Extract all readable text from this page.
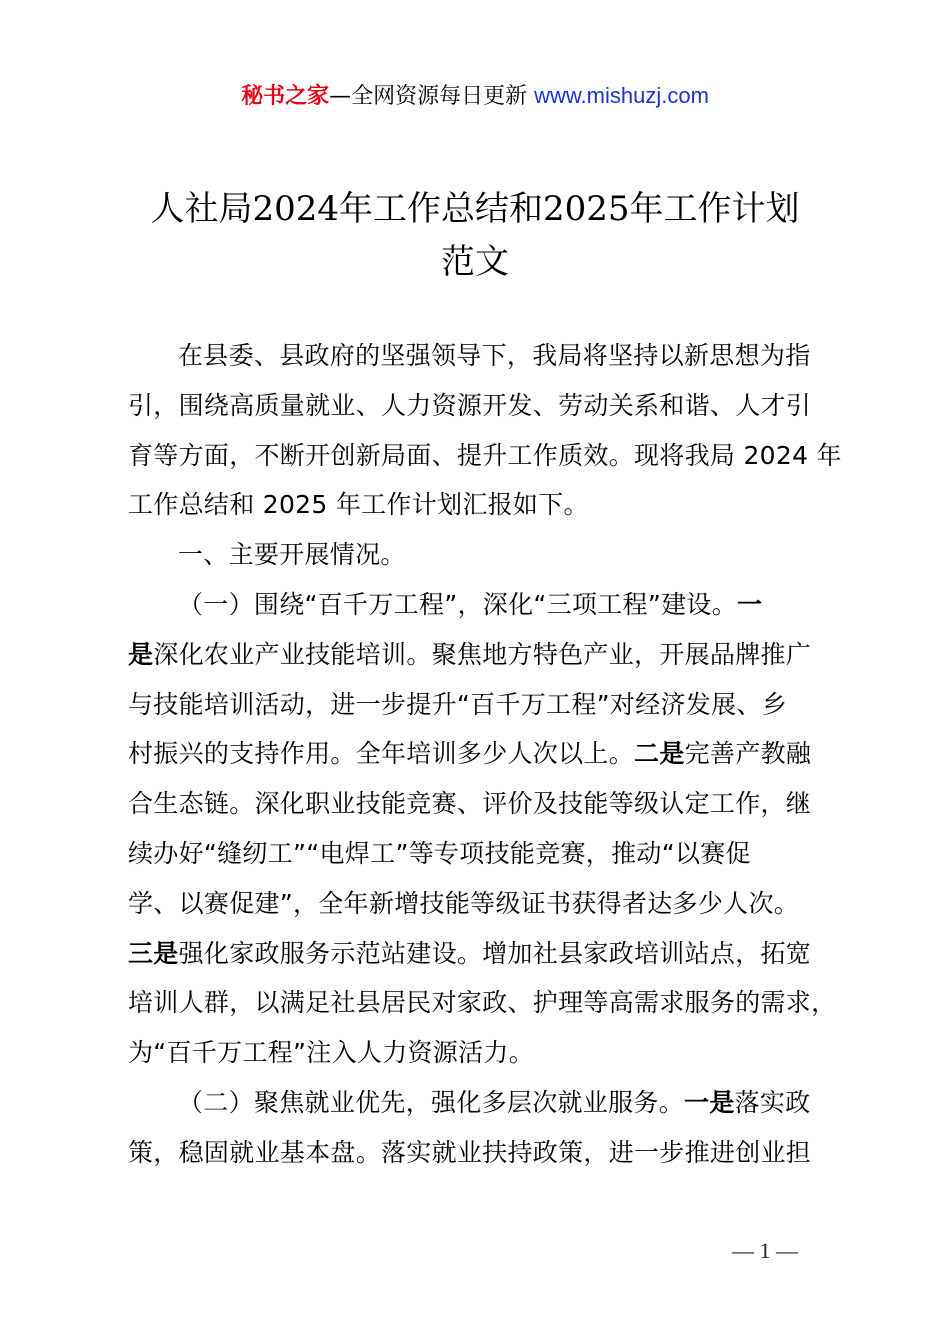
秘书之家—全网资源每日更新 www.mishuzj.com
人社局2024年工作总结和2025年工作计划
范文
在县委、县政府的坚强领导下，我局将坚持以新思想为指
引，围绕高质量就业、人力资源开发、劳动关系和谐、人才引
育等方面，不断开创新局面、提升工作质效。现将我局 2024 年
工作总结和 2025 年工作计划汇报如下。
一、主要开展情况。
（一）围绕“百千万工程”，深化“三项工程”建设。一
是深化农业产业技能培训。聚焦地方特色产业，开展品牌推广
与技能培训活动，进一步提升“百千万工程”对经济发展、乡
村振兴的支持作用。全年培训多少人次以上。二是完善产教融
合生态链。深化职业技能竞赛、评价及技能等级认定工作，继
续办好“缝纫工”“电焊工”等专项技能竞赛，推动“以赛促
学、以赛促建”，全年新增技能等级证书获得者达多少人次。
三是强化家政服务示范站建设。增加社县家政培训站点，拓宽
培训人群，以满足社县居民对家政、护理等高需求服务的需求，
为“百千万工程”注入人力资源活力。
（二）聚焦就业优先，强化多层次就业服务。一是落实政
策，稳固就业基本盘。落实就业扶持政策，进一步推进创业担
— 1 —
